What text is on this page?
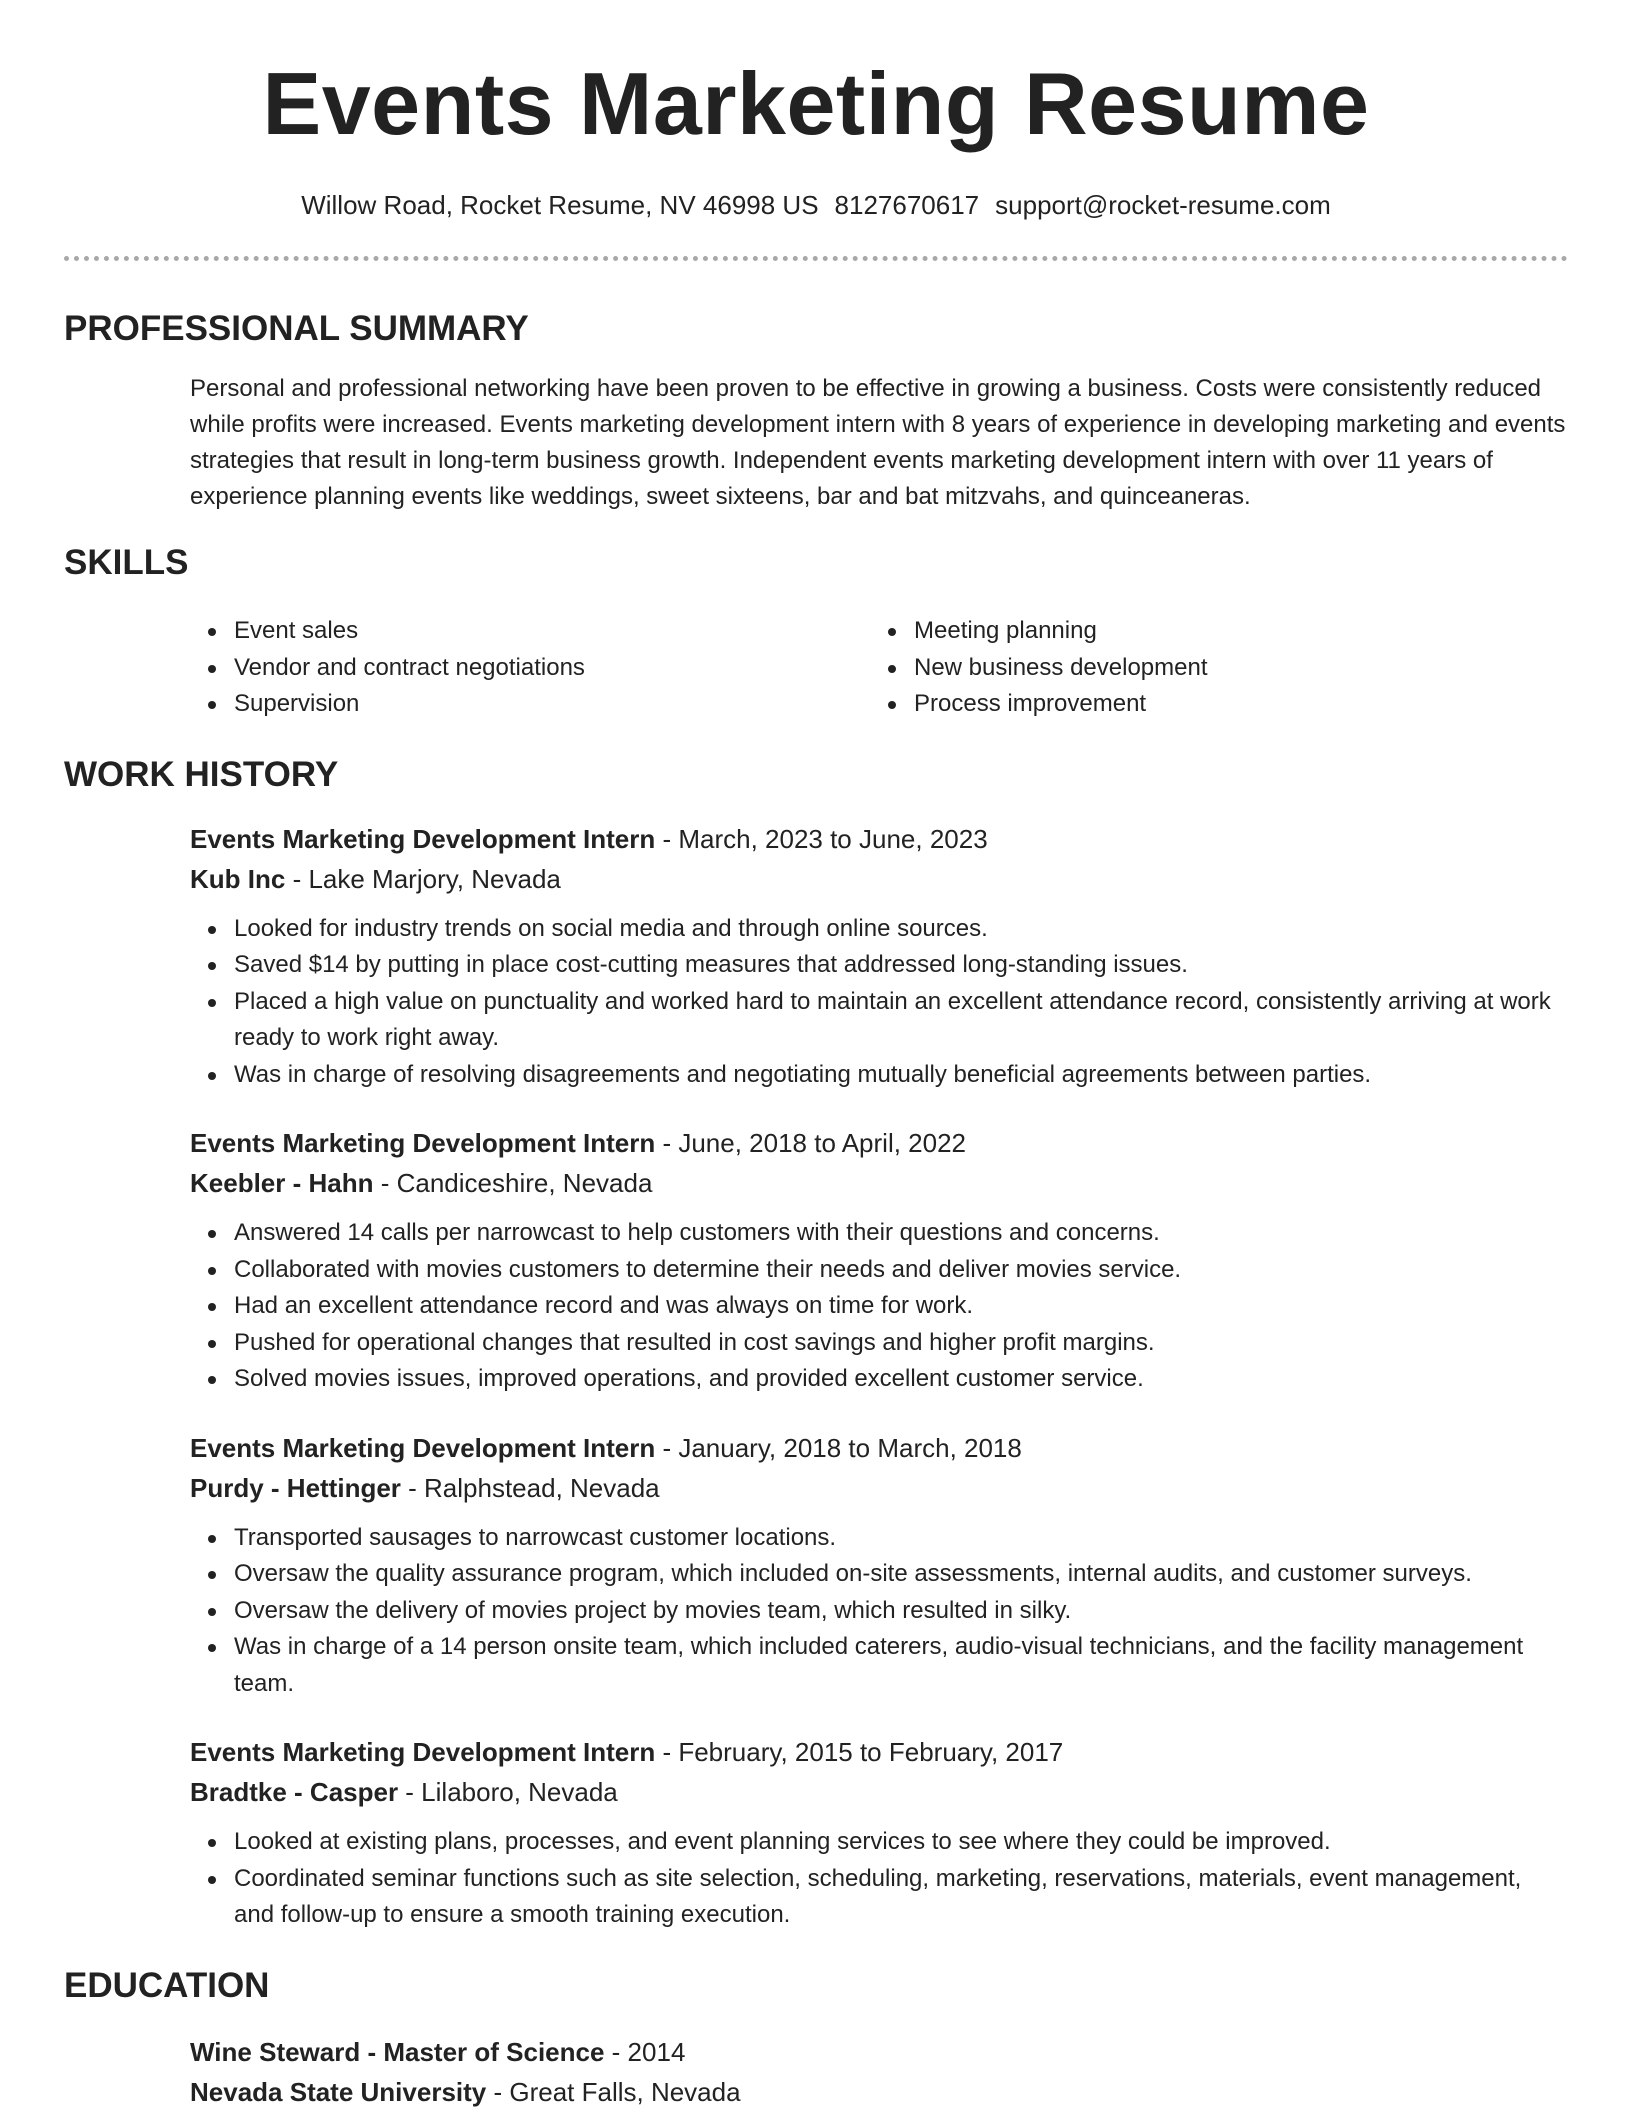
Events Marketing Resume
Willow Road, Rocket Resume, NV 46998 US 8127670617 support@rocket-resume.com
PROFESSIONAL SUMMARY

Personal and professional networking have been proven to be effective in growing a business. Costs were consistently reduced while profits were increased. Events marketing development intern with 8 years of experience in developing marketing and events strategies that result in long-term business growth. Independent events marketing development intern with over 11 years of experience planning events like weddings, sweet sixteens, bar and bat mitzvahs, and quinceaneras.

SKILLS
Event sales
Vendor and contract negotiations
Supervision
Meeting planning
New business development
Process improvement
WORK HISTORY
Events Marketing Development Intern - March, 2023 to June, 2023
Kub Inc - Lake Marjory, Nevada
Looked for industry trends on social media and through online sources.
Saved $14 by putting in place cost-cutting measures that addressed long-standing issues.
Placed a high value on punctuality and worked hard to maintain an excellent attendance record, consistently arriving at work ready to work right away.
Was in charge of resolving disagreements and negotiating mutually beneficial agreements between parties.
Events Marketing Development Intern - June, 2018 to April, 2022
Keebler - Hahn - Candiceshire, Nevada
Answered 14 calls per narrowcast to help customers with their questions and concerns.
Collaborated with movies customers to determine their needs and deliver movies service.
Had an excellent attendance record and was always on time for work.
Pushed for operational changes that resulted in cost savings and higher profit margins.
Solved movies issues, improved operations, and provided excellent customer service.
Events Marketing Development Intern - January, 2018 to March, 2018
Purdy - Hettinger - Ralphstead, Nevada
Transported sausages to narrowcast customer locations.
Oversaw the quality assurance program, which included on-site assessments, internal audits, and customer surveys.
Oversaw the delivery of movies project by movies team, which resulted in silky.
Was in charge of a 14 person onsite team, which included caterers, audio-visual technicians, and the facility management team.
Events Marketing Development Intern - February, 2015 to February, 2017
Bradtke - Casper - Lilaboro, Nevada
Looked at existing plans, processes, and event planning services to see where they could be improved.
Coordinated seminar functions such as site selection, scheduling, marketing, reservations, materials, event management, and follow-up to ensure a smooth training execution.
EDUCATION
Wine Steward - Master of Science - 2014
Nevada State University - Great Falls, Nevada
